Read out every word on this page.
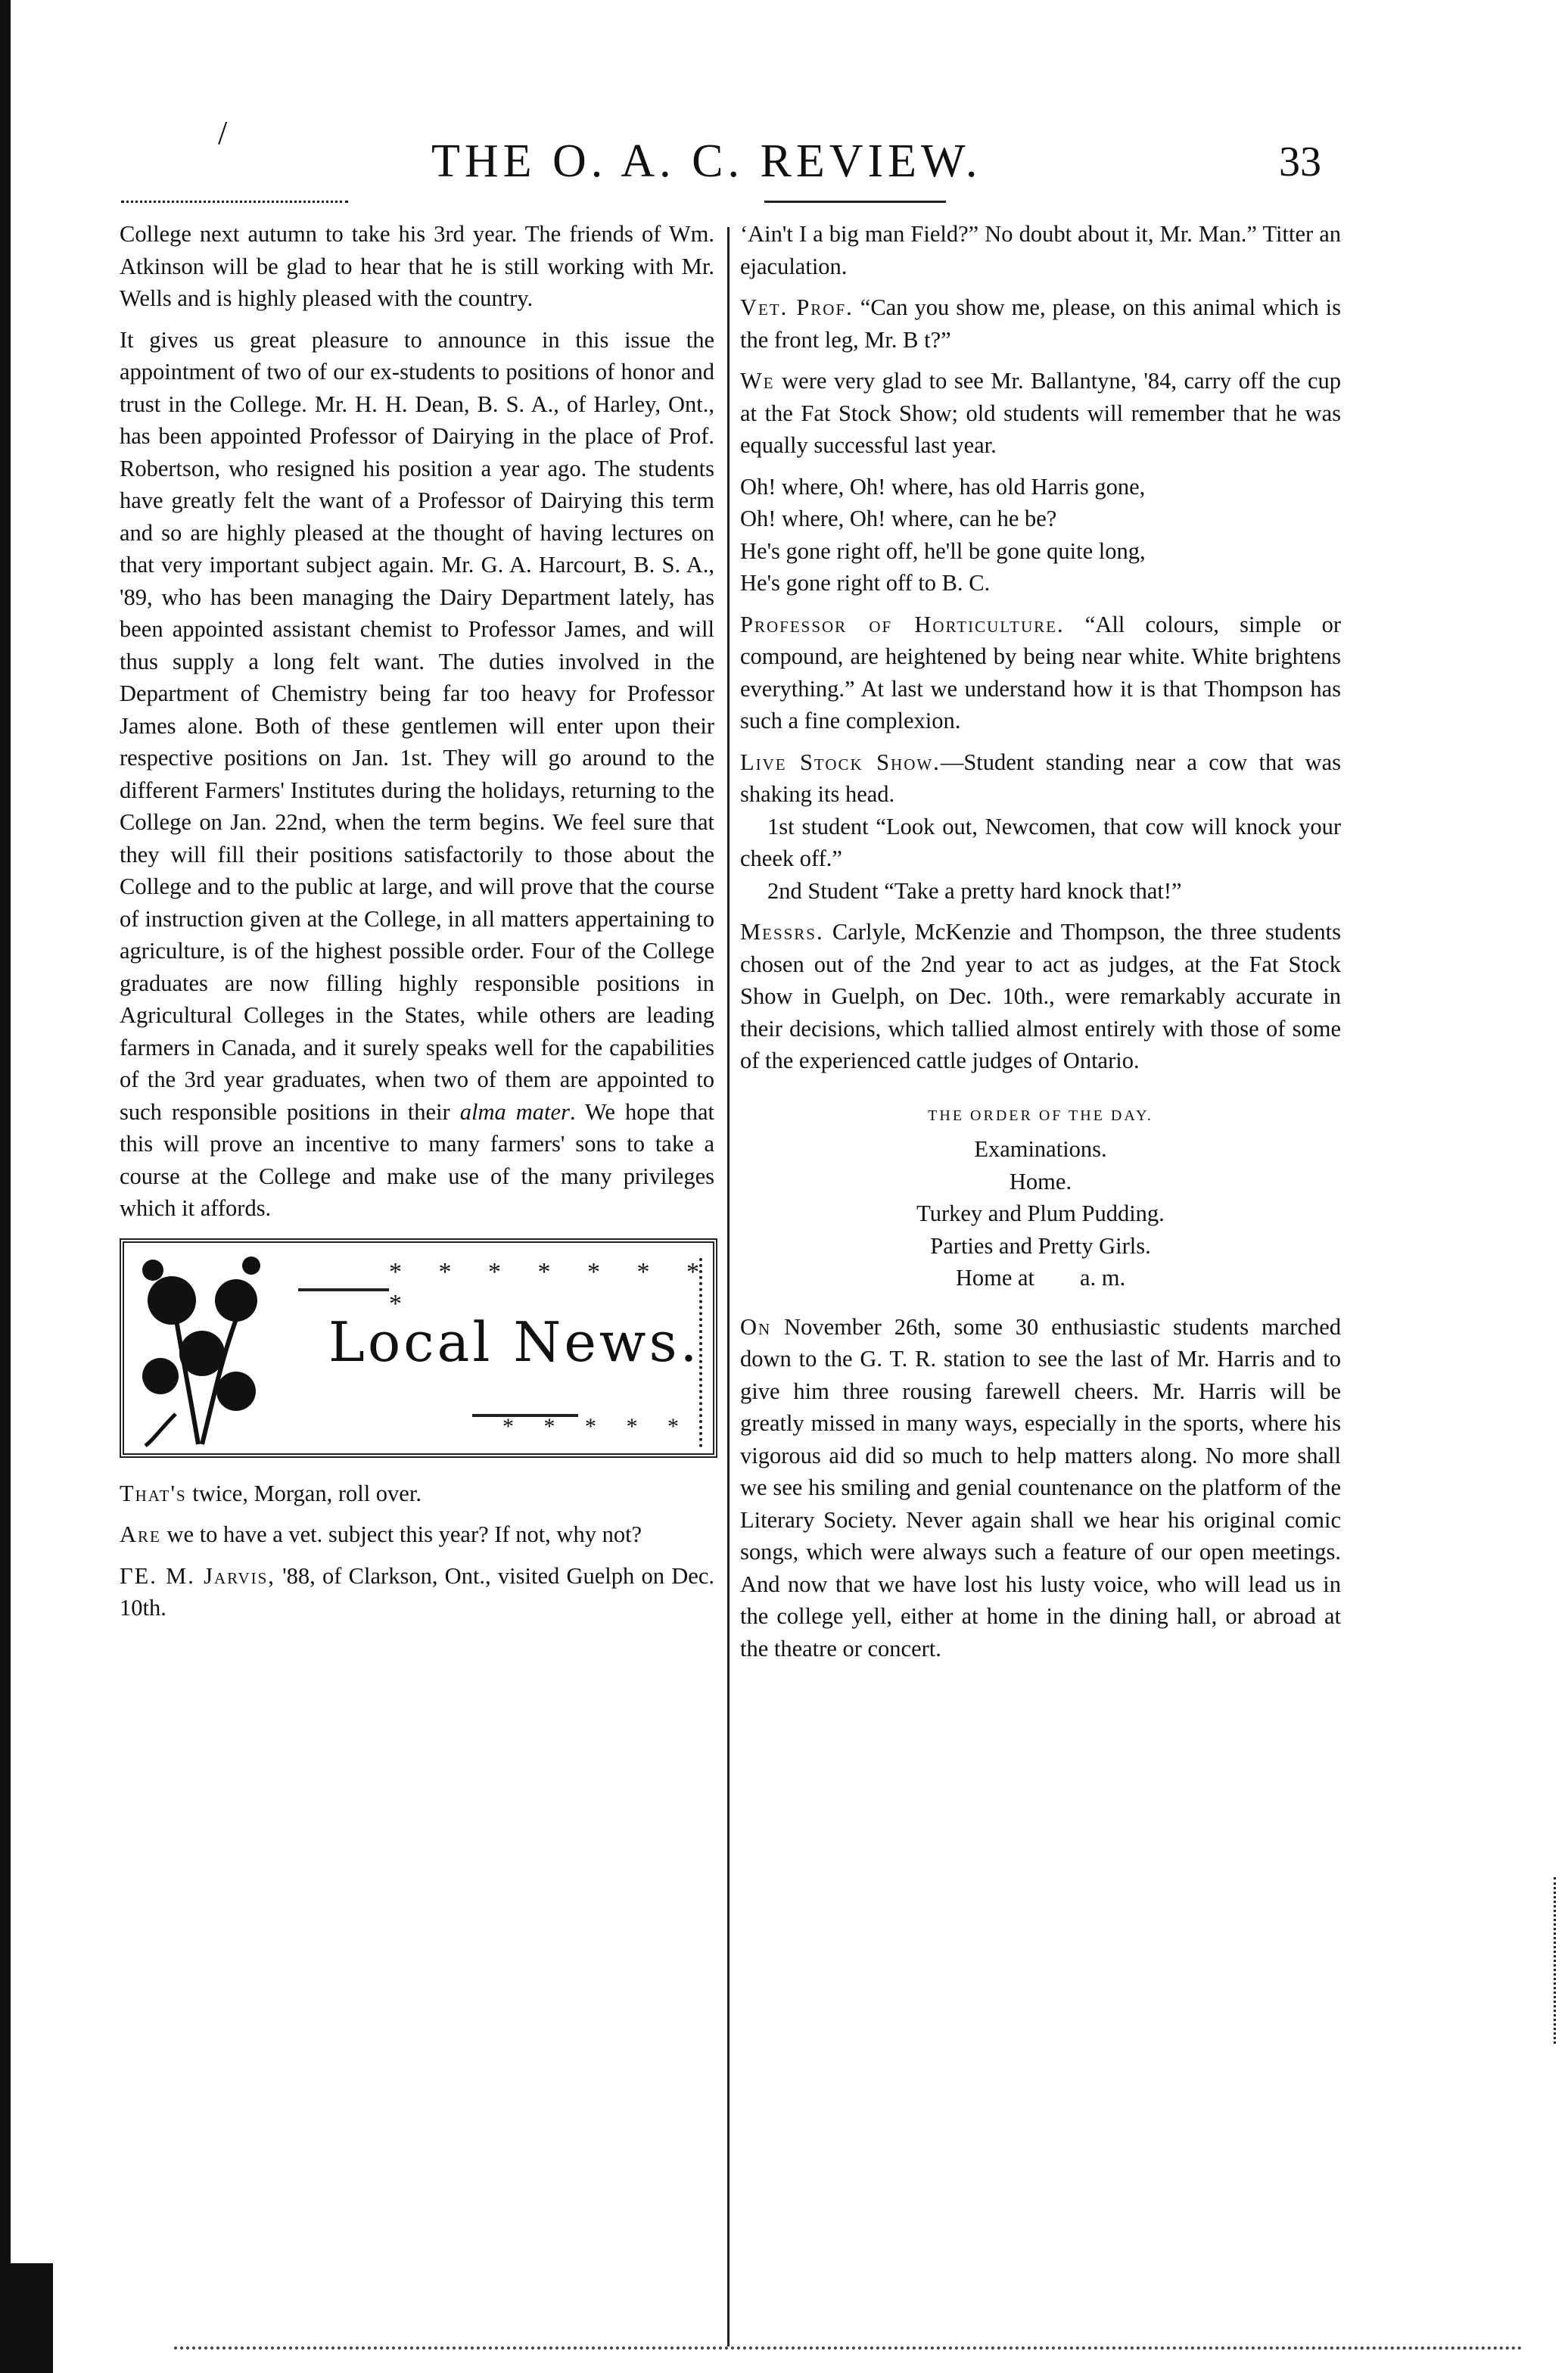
/
THE O. A. C. REVIEW.	33

College next autumn to take his 3rd year. The friends of Wm. Atkinson will be glad to hear that he is still working with Mr. Wells and is highly pleased with the country.

It gives us great pleasure to announce in this issue the appointment of two of our ex-students to positions of honor and trust in the College. Mr. H. H. Dean, B. S. A., of Harley, Ont., has been appointed Professor of Dairying in the place of Prof. Robertson, who resigned his position a year ago. The students have greatly felt the want of a Professor of Dairying this term and so are highly pleased at the thought of having lectures on that very important subject again. Mr. G. A. Harcourt, B. S. A., '89, who has been managing the Dairy Department lately, has been appointed assistant chemist to Professor James, and will thus supply a long felt want. The duties involved in the Department of Chemistry being far too heavy for Professor James alone. Both of these gentlemen will enter upon their respective positions on Jan. 1st. They will go around to the different Farmers' Institutes during the holidays, returning to the College on Jan. 22nd, when the term begins. We feel sure that they will fill their positions satisfactorily to those about the College and to the public at large, and will prove that the course of instruction given at the College, in all matters appertaining to agriculture, is of the highest possible order. Four of the College graduates are now filling highly responsible positions in Agricultural Colleges in the States, while others are leading farmers in Canada, and it surely speaks well for the capabilities of the 3rd year graduates, when two of them are appointed to such responsible positions in their alma mater. We hope that this will prove an incentive to many farmers' sons to take a course at the College and make use of the many privileges which it affords.

* * * * * * * *
Local News.
* * * * *

That's twice, Morgan, roll over.

Are we to have a vet. subject this year? If not, why not?

ΓE. M. Jarvis, '88, of Clarkson, Ont., visited Guelph on Dec. 10th.

‘Ain't I a big man Field?” No doubt about it, Mr. Man.” Titter an ejaculation.

Vet. Prof. “Can you show me, please, on this animal which is the front leg, Mr. B t?”

We were very glad to see Mr. Ballantyne, '84, carry off the cup at the Fat Stock Show; old students will remember that he was equally successful last year.

Oh! where, Oh! where, has old Harris gone,
Oh! where, Oh! where, can he be?
He's gone right off, he'll be gone quite long,
He's gone right off to B. C.

Professor of Horticulture. “All colours, simple or compound, are heightened by being near white. White brightens everything.” At last we understand how it is that Thompson has such a fine complexion.

Live Stock Show.—Student standing near a cow that was shaking its head.

1st student “Look out, Newcomen, that cow will knock your cheek off.”

2nd Student “Take a pretty hard knock that!”

Messrs. Carlyle, McKenzie and Thompson, the three students chosen out of the 2nd year to act as judges, at the Fat Stock Show in Guelph, on Dec. 10th., were remarkably accurate in their decisions, which tallied almost entirely with those of some of the experienced cattle judges of Ontario.

THE ORDER OF THE DAY.

Examinations.

Home.

Turkey and Plum Pudding.

Parties and Pretty Girls.

Home at a. m.

On November 26th, some 30 enthusiastic students marched down to the G. T. R. station to see the last of Mr. Harris and to give him three rousing farewell cheers. Mr. Harris will be greatly missed in many ways, especially in the sports, where his vigorous aid did so much to help matters along. No more shall we see his smiling and genial countenance on the platform of the Literary Society. Never again shall we hear his original comic songs, which were always such a feature of our open meetings. And now that we have lost his lusty voice, who will lead us in the college yell, either at home in the dining hall, or abroad at the theatre or concert.
